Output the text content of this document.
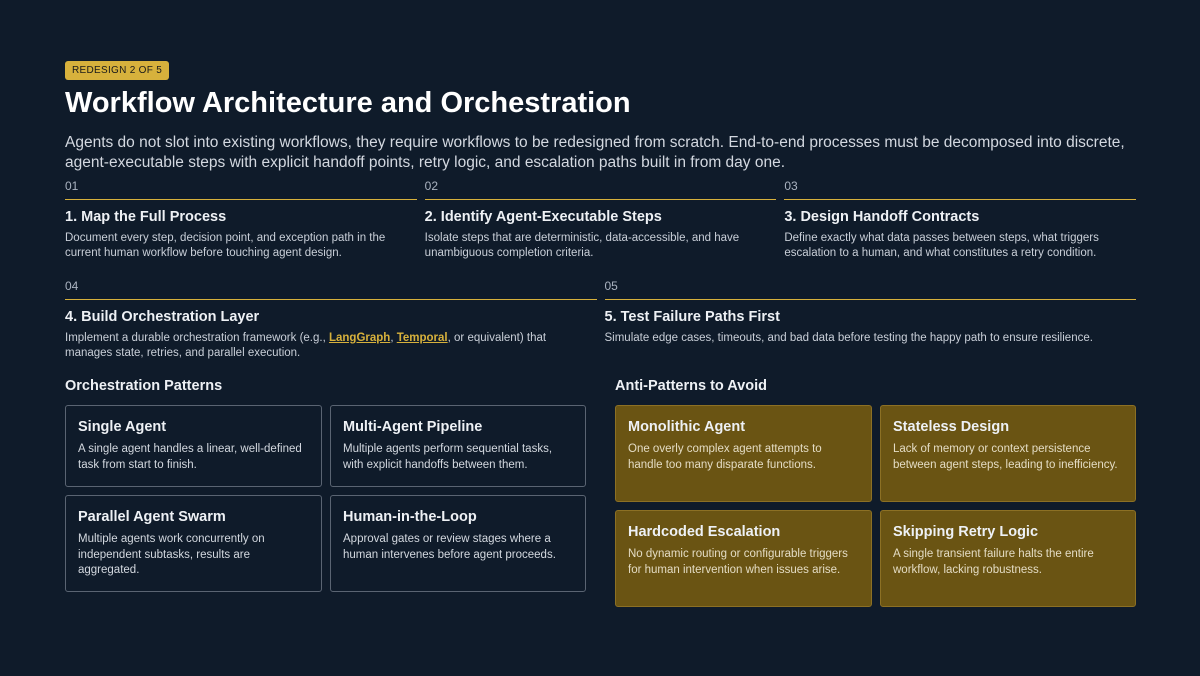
REDESIGN 2 OF 5
Workflow Architecture and Orchestration

Agents do not slot into existing workflows, they require workflows to be redesigned from scratch. End-to-end processes must be decomposed into discrete, agent-executable steps with explicit handoff points, retry logic, and escalation paths built in from day one.

01
1. Map the Full Process
Document every step, decision point, and exception path in the current human workflow before touching agent design.
02
2. Identify Agent-Executable Steps
Isolate steps that are deterministic, data-accessible, and have unambiguous completion criteria.
03
3. Design Handoff Contracts
Define exactly what data passes between steps, what triggers escalation to a human, and what constitutes a retry condition.
04
4. Build Orchestration Layer
Implement a durable orchestration framework (e.g., LangGraph, Temporal, or equivalent) that manages state, retries, and parallel execution.
05
5. Test Failure Paths First
Simulate edge cases, timeouts, and bad data before testing the happy path to ensure resilience.
Orchestration Patterns
Single Agent
A single agent handles a linear, well-defined task from start to finish.
Multi-Agent Pipeline
Multiple agents perform sequential tasks, with explicit handoffs between them.
Parallel Agent Swarm
Multiple agents work concurrently on independent subtasks, results are aggregated.
Human-in-the-Loop
Approval gates or review stages where a human intervenes before agent proceeds.
Anti-Patterns to Avoid
Monolithic Agent
One overly complex agent attempts to handle too many disparate functions.
Stateless Design
Lack of memory or context persistence between agent steps, leading to inefficiency.
Hardcoded Escalation
No dynamic routing or configurable triggers for human intervention when issues arise.
Skipping Retry Logic
A single transient failure halts the entire workflow, lacking robustness.
